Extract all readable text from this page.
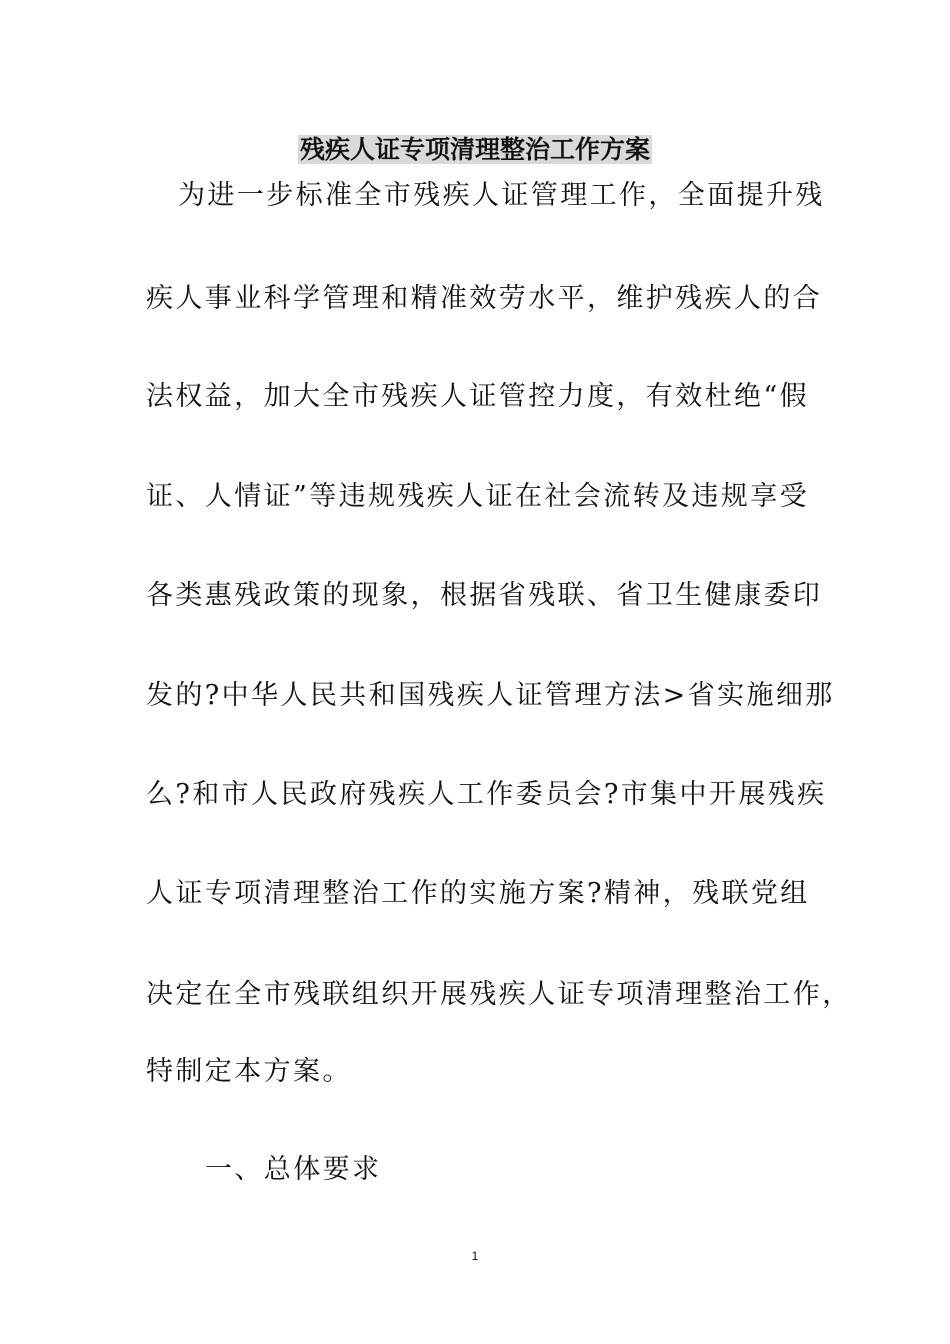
残疾人证专项清理整治工作方案
为进一步标准全市残疾人证管理工作，全面提升残
疾人事业科学管理和精准效劳水平，维护残疾人的合
法权益，加大全市残疾人证管控力度，有效杜绝“假
证、人情证”等违规残疾人证在社会流转及违规享受
各类惠残政策的现象，根据省残联、省卫生健康委印
发的?中华人民共和国残疾人证管理方法>省实施细那
么?和市人民政府残疾人工作委员会?市集中开展残疾
人证专项清理整治工作的实施方案?精神，残联党组
决定在全市残联组织开展残疾人证专项清理整治工作，
特制定本方案。
一、总体要求
1
